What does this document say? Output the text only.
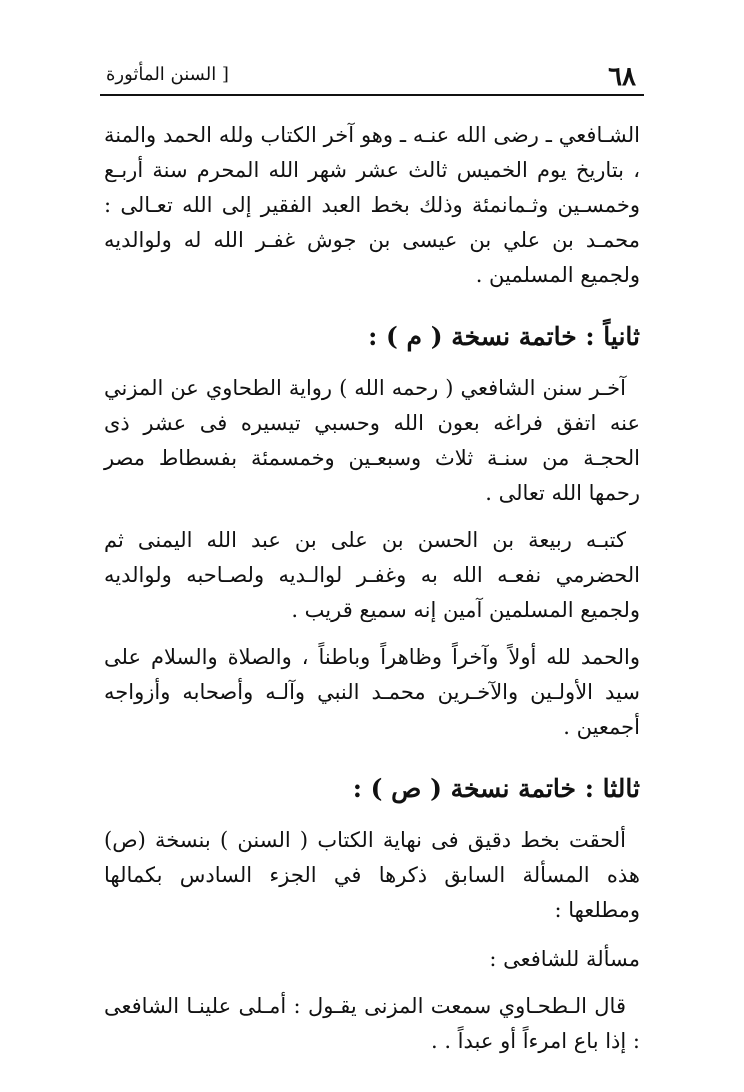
٦٨
[ السنن المأثورة

الشـافعي ـ رضى الله عنـه ـ وهو آخر الكتاب ولله الحمد والمنة ، بتاريخ يوم الخميس ثالث عشر شهر الله المحرم سنة أربـع وخمسـين وثـمانمئة وذلك بخط العبد الفقير إلى الله تعـالى : محمـد بن علي بن عيسى بن جوش غفـر الله له ولوالديه ولجميع المسلمين .

ثانياً : خاتمة نسخة ( م ) :

آخـر سنن الشافعي ( رحمه الله ) رواية الطحاوي عن المزني عنه اتفق فراغه بعون الله وحسبي تيسيره فى عشر ذى الحجـة من سنـة ثلاث وسبعـين وخمسمئة بفسطاط مصر رحمها الله تعالى .

كتبـه ربيعة بن الحسن بن على بن عبد الله اليمنى ثم الحضرمي نفعـه الله به وغفـر لوالـديه ولصـاحبه ولوالديه ولجميع المسلمين آمين إنه سميع قريب .

والحمد لله أولاً وآخراً وظاهراً وباطناً ، والصلاة والسلام على سيد الأولـين والآخـرين محمـد النبي وآلـه وأصحابه وأزواجه أجمعين .

ثالثا : خاتمة نسخة ( ص ) :

ألحقت بخط دقيق فى نهاية الكتاب ( السنن ) بنسخة (ص) هذه المسألة السابق ذكرها في الجزء السادس بكمالها ومطلعها :

مسألة للشافعى :

قال الـطحـاوي سمعت المزنى يقـول : أمـلى علينـا الشافعى : إذا باع امرءاً أو عبداً . .
